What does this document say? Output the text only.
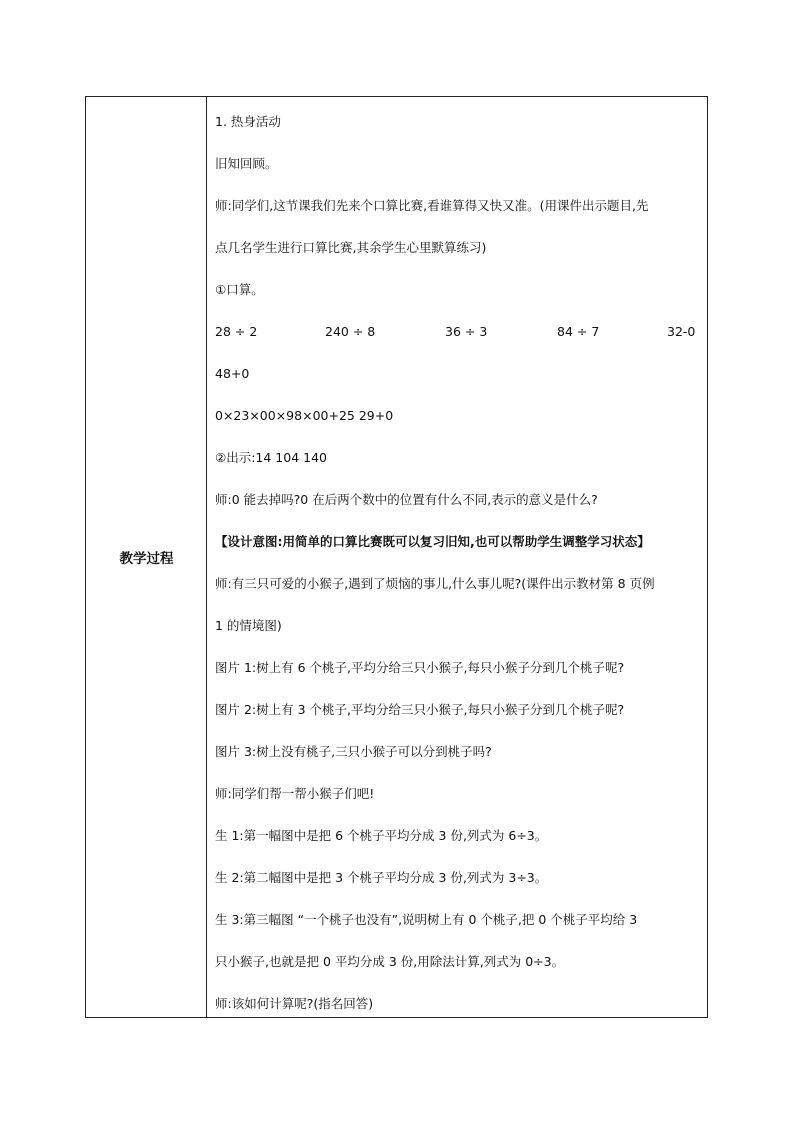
教学过程
1. 热身活动
旧知回顾。
师:同学们,这节课我们先来个口算比赛,看谁算得又快又准。(用课件出示题目,先
点几名学生进行口算比赛,其余学生心里默算练习)
①口算。
28 ÷ 2	240 ÷ 8	36 ÷ 3	84 ÷ 7	32-0
48+0
0×23×00×98×00+25 29+0
②出示:14 104 140
师:0 能去掉吗?0 在后两个数中的位置有什么不同,表示的意义是什么?
【设计意图:用简单的口算比赛既可以复习旧知,也可以帮助学生调整学习状态】
师:有三只可爱的小猴子,遇到了烦恼的事儿,什么事儿呢?(课件出示教材第 8 页例
1 的情境图)
图片 1:树上有 6 个桃子,平均分给三只小猴子,每只小猴子分到几个桃子呢?
图片 2:树上有 3 个桃子,平均分给三只小猴子,每只小猴子分到几个桃子呢?
图片 3:树上没有桃子,三只小猴子可以分到桃子吗?
师:同学们帮一帮小猴子们吧!
生 1:第一幅图中是把 6 个桃子平均分成 3 份,列式为 6÷3。
生 2:第二幅图中是把 3 个桃子平均分成 3 份,列式为 3÷3。
生 3:第三幅图 “一个桃子也没有”,说明树上有 0 个桃子,把 0 个桃子平均给 3
只小猴子,也就是把 0 平均分成 3 份,用除法计算,列式为 0÷3。
师:该如何计算呢?(指名回答)
